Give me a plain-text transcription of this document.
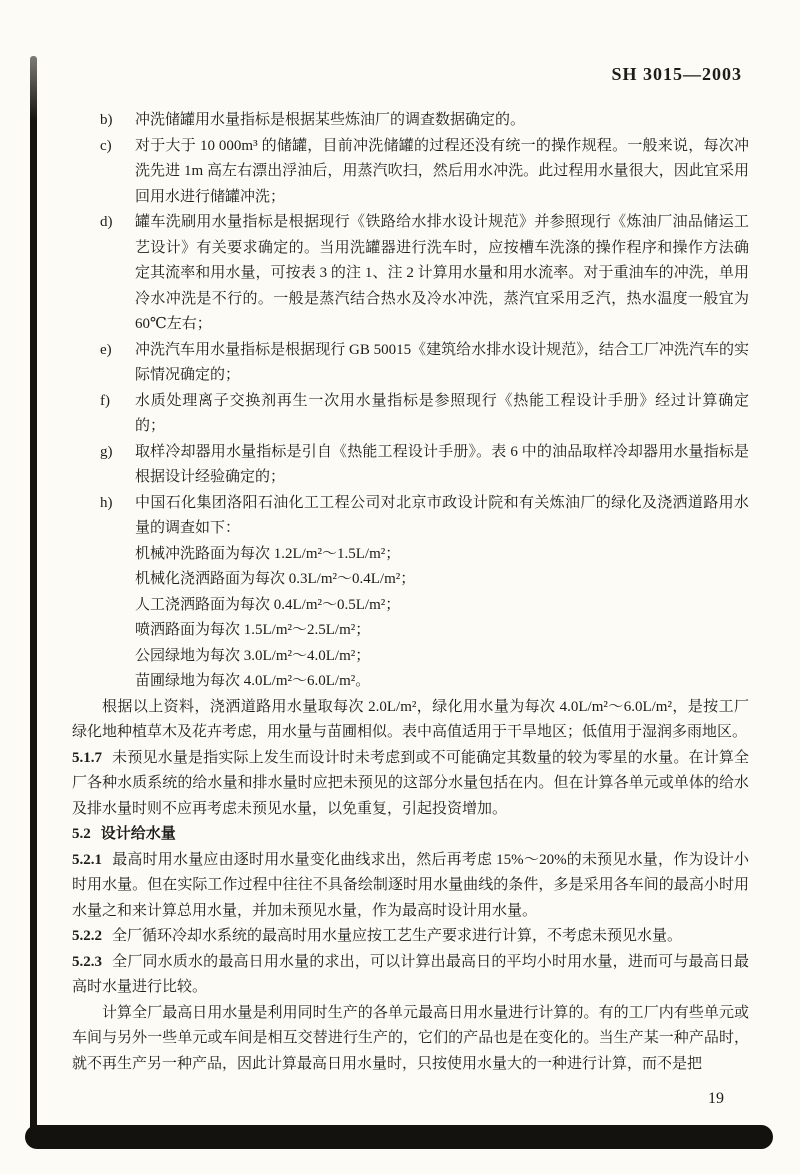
SH 3015—2003
b) 冲洗储罐用水量指标是根据某些炼油厂的调查数据确定的。
c) 对于大于 10 000m³ 的储罐，目前冲洗储罐的过程还没有统一的操作规程。一般来说，每次冲洗先进 1m 高左右漂出浮油后，用蒸汽吹扫，然后用水冲洗。此过程用水量很大，因此宜采用回用水进行储罐冲洗；
d) 罐车洗刷用水量指标是根据现行《铁路给水排水设计规范》并参照现行《炼油厂油品储运工艺设计》有关要求确定的。当用洗罐器进行洗车时，应按槽车洗涤的操作程序和操作方法确定其流率和用水量，可按表 3 的注 1、注 2 计算用水量和用水流率。对于重油车的冲洗，单用冷水冲洗是不行的。一般是蒸汽结合热水及冷水冲洗，蒸汽宜采用乏汽，热水温度一般宜为 60℃左右；
e) 冲洗汽车用水量指标是根据现行 GB 50015《建筑给水排水设计规范》，结合工厂冲洗汽车的实际情况确定的；
f) 水质处理离子交换剂再生一次用水量指标是参照现行《热能工程设计手册》经过计算确定的；
g) 取样冷却器用水量指标是引自《热能工程设计手册》。表 6 中的油品取样冷却器用水量指标是根据设计经验确定的；
h) 中国石化集团洛阳石油化工工程公司对北京市政设计院和有关炼油厂的绿化及浇洒道路用水量的调查如下：
机械冲洗路面为每次 1.2L/m²～1.5L/m²；
机械化浇洒路面为每次 0.3L/m²～0.4L/m²；
人工浇洒路面为每次 0.4L/m²～0.5L/m²；
喷洒路面为每次 1.5L/m²～2.5L/m²；
公园绿地为每次 3.0L/m²～4.0L/m²；
苗圃绿地为每次 4.0L/m²～6.0L/m²。

根据以上资料，浇洒道路用水量取每次 2.0L/m²，绿化用水量为每次 4.0L/m²～6.0L/m²，是按工厂绿化地种植草木及花卉考虑，用水量与苗圃相似。表中高值适用于干旱地区；低值用于湿润多雨地区。

5.1.7 未预见水量是指实际上发生而设计时未考虑到或不可能确定其数量的较为零星的水量。在计算全厂各种水质系统的给水量和排水量时应把未预见的这部分水量包括在内。但在计算各单元或单体的给水及排水量时则不应再考虑未预见水量，以免重复，引起投资增加。

5.2 设计给水量

5.2.1 最高时用水量应由逐时用水量变化曲线求出，然后再考虑 15%～20%的未预见水量，作为设计小时用水量。但在实际工作过程中往往不具备绘制逐时用水量曲线的条件，多是采用各车间的最高小时用水量之和来计算总用水量，并加未预见水量，作为最高时设计用水量。

5.2.2 全厂循环冷却水系统的最高时用水量应按工艺生产要求进行计算，不考虑未预见水量。

5.2.3 全厂同水质水的最高日用水量的求出，可以计算出最高日的平均小时用水量，进而可与最高日最高时水量进行比较。

计算全厂最高日用水量是利用同时生产的各单元最高日用水量进行计算的。有的工厂内有些单元或车间与另外一些单元或车间是相互交替进行生产的，它们的产品也是在变化的。当生产某一种产品时，就不再生产另一种产品，因此计算最高日用水量时，只按使用水量大的一种进行计算，而不是把

19
